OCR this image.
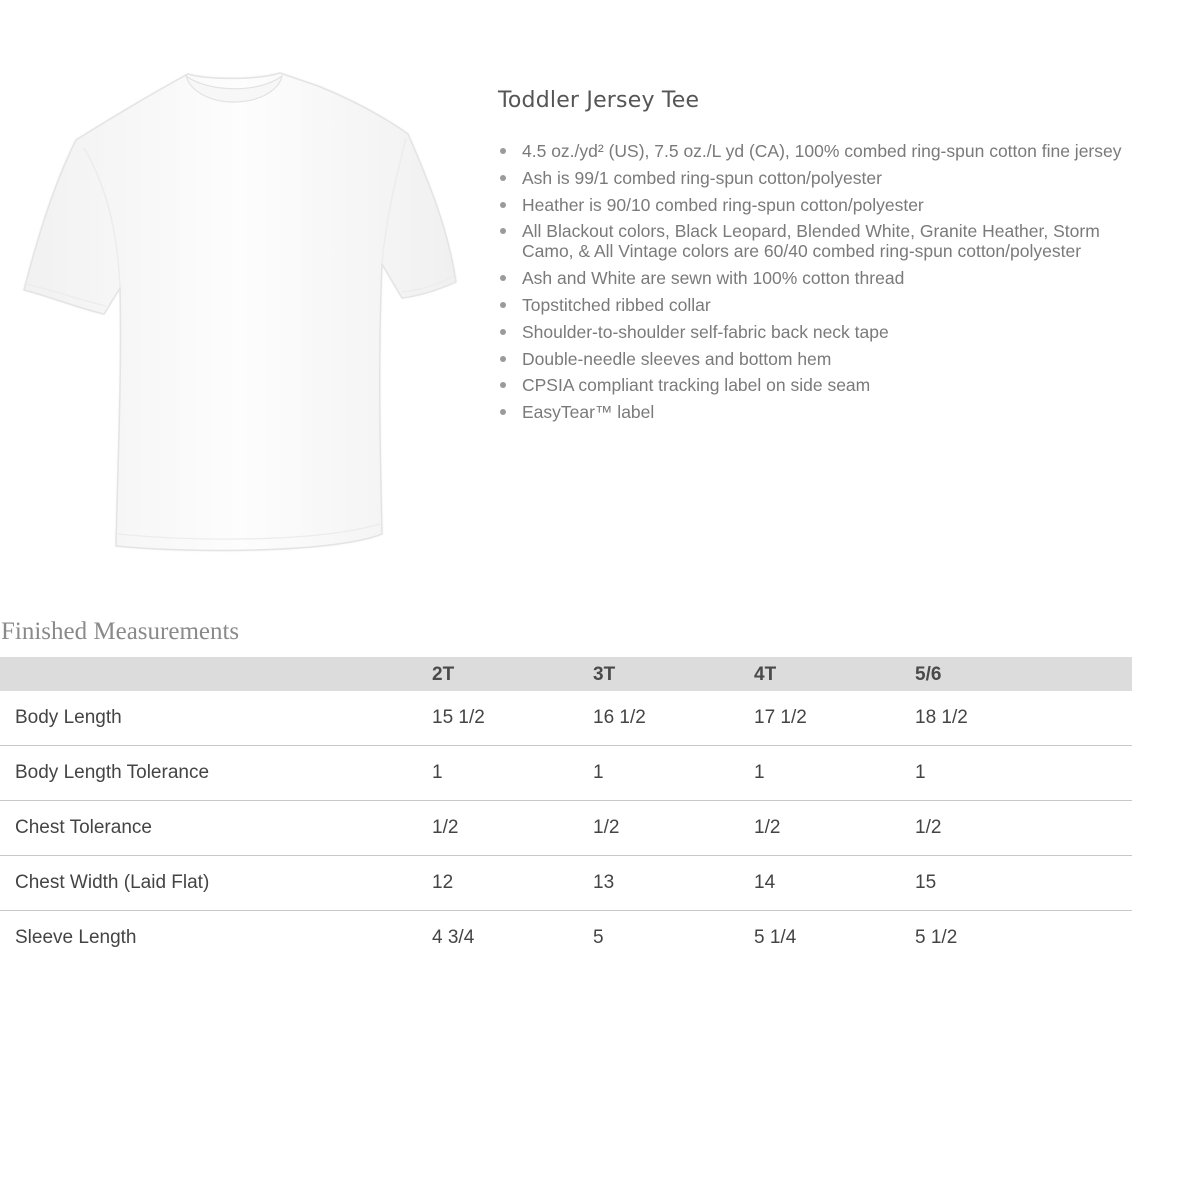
Toddler Jersey Tee
4.5 oz./yd² (US), 7.5 oz./L yd (CA), 100% combed ring-spun cotton fine jersey
Ash is 99/1 combed ring-spun cotton/polyester
Heather is 90/10 combed ring-spun cotton/polyester
All Blackout colors, Black Leopard, Blended White, Granite Heather, Storm Camo, & All Vintage colors are 60/40 combed ring-spun cotton/polyester
Ash and White are sewn with 100% cotton thread
Topstitched ribbed collar
Shoulder-to-shoulder self-fabric back neck tape
Double-needle sleeves and bottom hem
CPSIA compliant tracking label on side seam
EasyTear™ label
Finished Measurements
	2T	3T	4T	5/6
Body Length	15 1/2	16 1/2	17 1/2	18 1/2
Body Length Tolerance	1	1	1	1
Chest Tolerance	1/2	1/2	1/2	1/2
Chest Width (Laid Flat)	12	13	14	15
Sleeve Length	4 3/4	5	5 1/4	5 1/2
